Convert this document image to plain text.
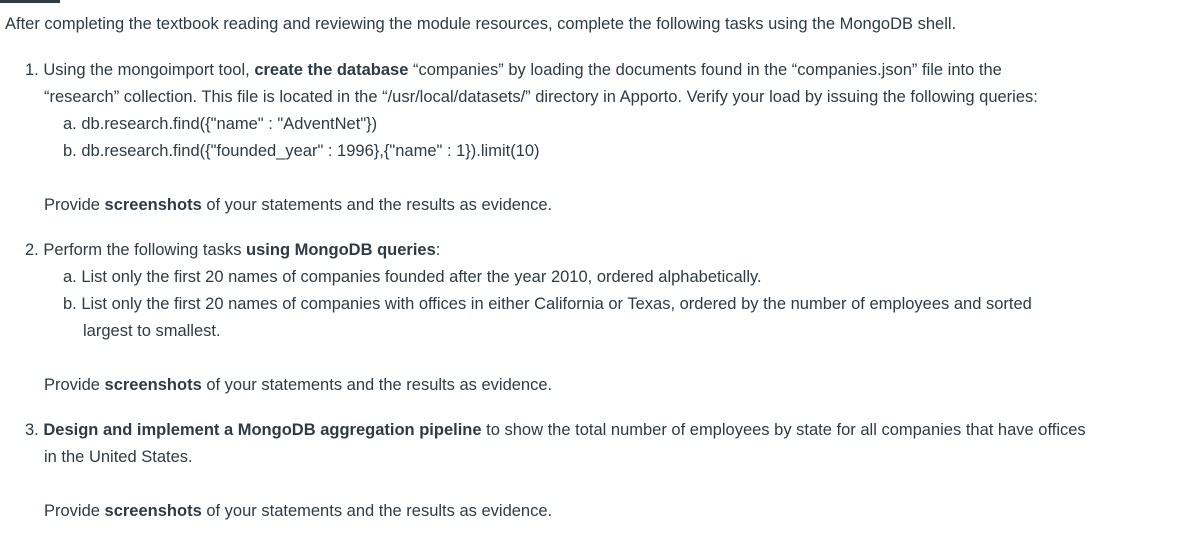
After completing the textbook reading and reviewing the module resources, complete the following tasks using the MongoDB shell.
1. Using the mongoimport tool, create the database “companies” by loading the documents found in the “companies.json” file into the
“research” collection. This file is located in the “/usr/local/datasets/” directory in Apporto. Verify your load by issuing the following queries:
a. db.research.find({"name" : "AdventNet"})
b. db.research.find({"founded_year" : 1996},{"name" : 1}).limit(10)
Provide screenshots of your statements and the results as evidence.
2. Perform the following tasks using MongoDB queries:
a. List only the first 20 names of companies founded after the year 2010, ordered alphabetically.
b. List only the first 20 names of companies with offices in either California or Texas, ordered by the number of employees and sorted
largest to smallest.
Provide screenshots of your statements and the results as evidence.
3. Design and implement a MongoDB aggregation pipeline to show the total number of employees by state for all companies that have offices
in the United States.
Provide screenshots of your statements and the results as evidence.
